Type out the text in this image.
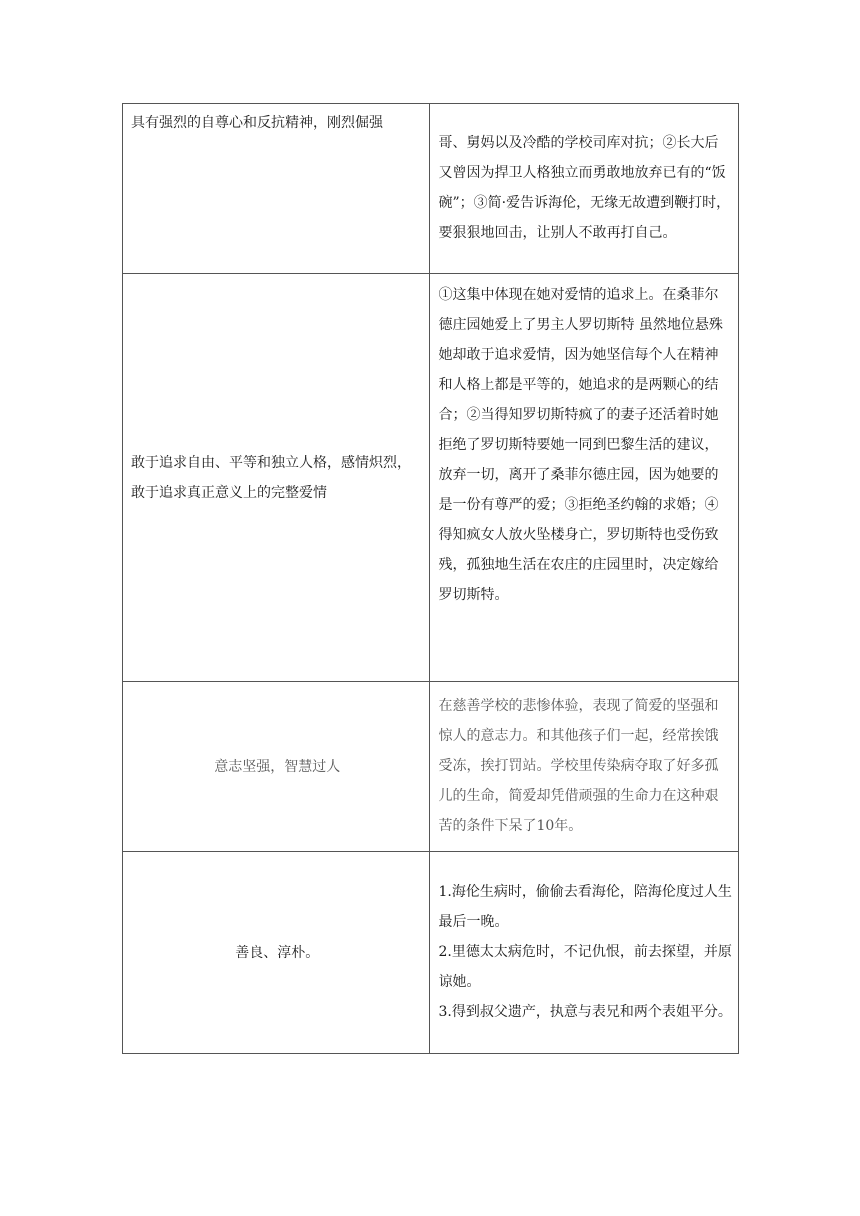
具有强烈的自尊心和反抗精神，刚烈倔强	哥、舅妈以及冷酷的学校司库对抗；②长大后又曾因为捍卫人格独立而勇敢地放弃已有的“饭碗”；③简·爱告诉海伦，无缘无故遭到鞭打时，要狠狠地回击，让别人不敢再打自己。

敢于追求自由、平等和独立人格，感情炽烈，敢于追求真正意义上的完整爱情	①这集中体现在她对爱情的追求上。在桑菲尔德庄园她爱上了男主人罗切斯特 虽然地位悬殊她却敢于追求爱情，因为她坚信每个人在精神和人格上都是平等的，她追求的是两颗心的结合；②当得知罗切斯特疯了的妻子还活着时她拒绝了罗切斯特要她一同到巴黎生活的建议，放弃一切，离开了桑菲尔德庄园，因为她要的是一份有尊严的爱；③拒绝圣约翰的求婚；④得知疯女人放火坠楼身亡，罗切斯特也受伤致残，孤独地生活在农庄的庄园里时，决定嫁给罗切斯特。

意志坚强，智慧过人	在慈善学校的悲惨体验，表现了简爱的坚强和惊人的意志力。和其他孩子们一起，经常挨饿受冻，挨打罚站。学校里传染病夺取了好多孤儿的生命，简爱却凭借顽强的生命力在这种艰苦的条件下呆了10年。

善良、淳朴。	1.海伦生病时，偷偷去看海伦，陪海伦度过人生最后一晚。
2.里德太太病危时，不记仇恨，前去探望，并原谅她。
3.得到叔父遗产，执意与表兄和两个表姐平分。
